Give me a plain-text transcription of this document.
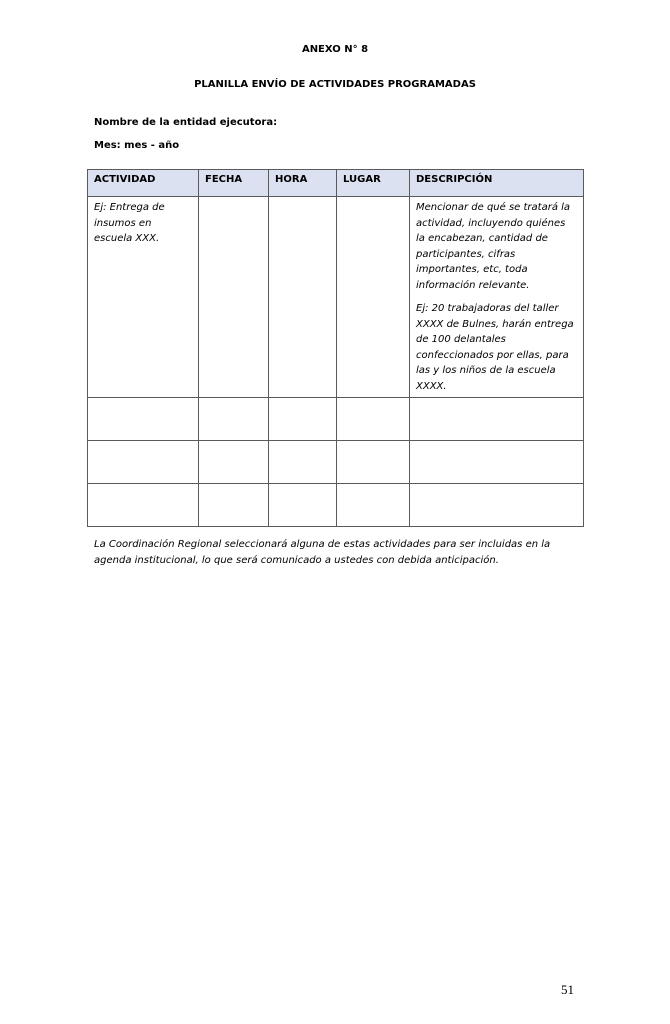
ANEXO N° 8
PLANILLA ENVÍO DE ACTIVIDADES PROGRAMADAS
Nombre de la entidad ejecutora:
Mes: mes - año
ACTIVIDAD	FECHA	HORA	LUGAR	DESCRIPCIÓN
Ej: Entrega de insumos en escuela XXX.				Mencionar de qué se tratará la actividad, incluyendo quiénes la encabezan, cantidad de participantes, cifras importantes, etc, toda información relevante.

Ej: 20 trabajadoras del taller XXXX de Bulnes, harán entrega de 100 delantales confeccionados por ellas, para las y los niños de la escuela XXXX.

La Coordinación Regional seleccionará alguna de estas actividades para ser incluidas en la agenda institucional, lo que será comunicado a ustedes con debida anticipación.
51
